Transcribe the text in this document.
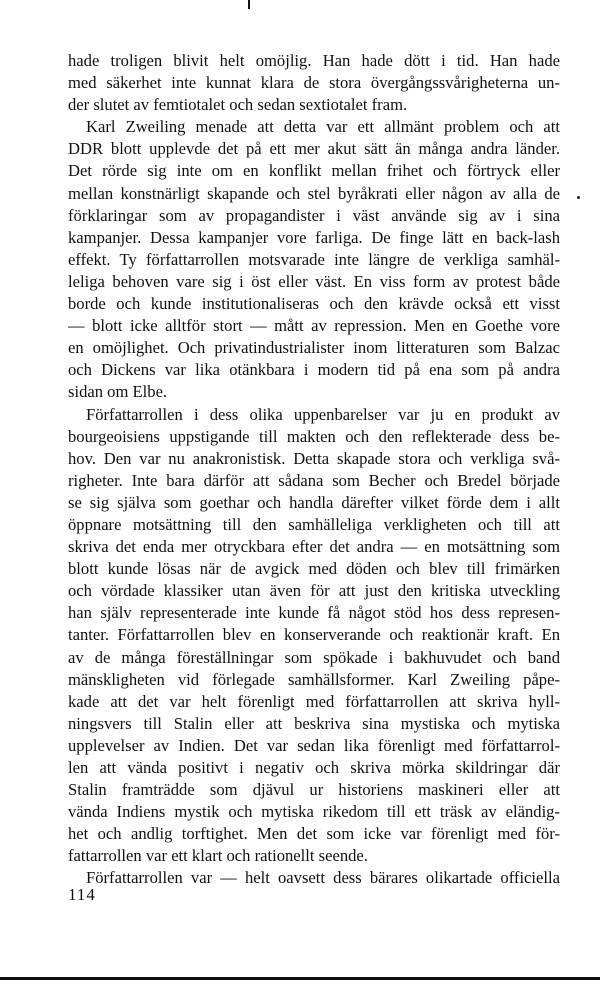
hade troligen blivit helt omöjlig. Han hade dött i tid. Han hade
med säkerhet inte kunnat klara de stora övergångssvårigheterna un-
der slutet av femtiotalet och sedan sextiotalet fram.
Karl Zweiling menade att detta var ett allmänt problem och att
DDR blott upplevde det på ett mer akut sätt än många andra länder.
Det rörde sig inte om en konflikt mellan frihet och förtryck eller
mellan konstnärligt skapande och stel byråkrati eller någon av alla de
förklaringar som av propagandister i väst använde sig av i sina
kampanjer. Dessa kampanjer vore farliga. De finge lätt en back-lash
effekt. Ty författarrollen motsvarade inte längre de verkliga samhäl-
leliga behoven vare sig i öst eller väst. En viss form av protest både
borde och kunde institutionaliseras och den krävde också ett visst
— blott icke alltför stort — mått av repression. Men en Goethe vore
en omöjlighet. Och privatindustrialister inom litteraturen som Balzac
och Dickens var lika otänkbara i modern tid på ena som på andra
sidan om Elbe.
Författarrollen i dess olika uppenbarelser var ju en produkt av
bourgeoisiens uppstigande till makten och den reflekterade dess be-
hov. Den var nu anakronistisk. Detta skapade stora och verkliga svå-
righeter. Inte bara därför att sådana som Becher och Bredel började
se sig själva som goethar och handla därefter vilket förde dem i allt
öppnare motsättning till den samhälleliga verkligheten och till att
skriva det enda mer otryckbara efter det andra — en motsättning som
blott kunde lösas när de avgick med döden och blev till frimärken
och vördade klassiker utan även för att just den kritiska utveckling
han själv representerade inte kunde få något stöd hos dess represen-
tanter. Författarrollen blev en konserverande och reaktionär kraft. En
av de många föreställningar som spökade i bakhuvudet och band
mänskligheten vid förlegade samhällsformer. Karl Zweiling påpe-
kade att det var helt förenligt med författarrollen att skriva hyll-
ningsvers till Stalin eller att beskriva sina mystiska och mytiska
upplevelser av Indien. Det var sedan lika förenligt med författarrol-
len att vända positivt i negativ och skriva mörka skildringar där
Stalin framträdde som djävul ur historiens maskineri eller att
vända Indiens mystik och mytiska rikedom till ett träsk av eländig-
het och andlig torftighet. Men det som icke var förenligt med för-
fattarrollen var ett klart och rationellt seende.
Författarrollen var — helt oavsett dess bärares olikartade officiella
114
